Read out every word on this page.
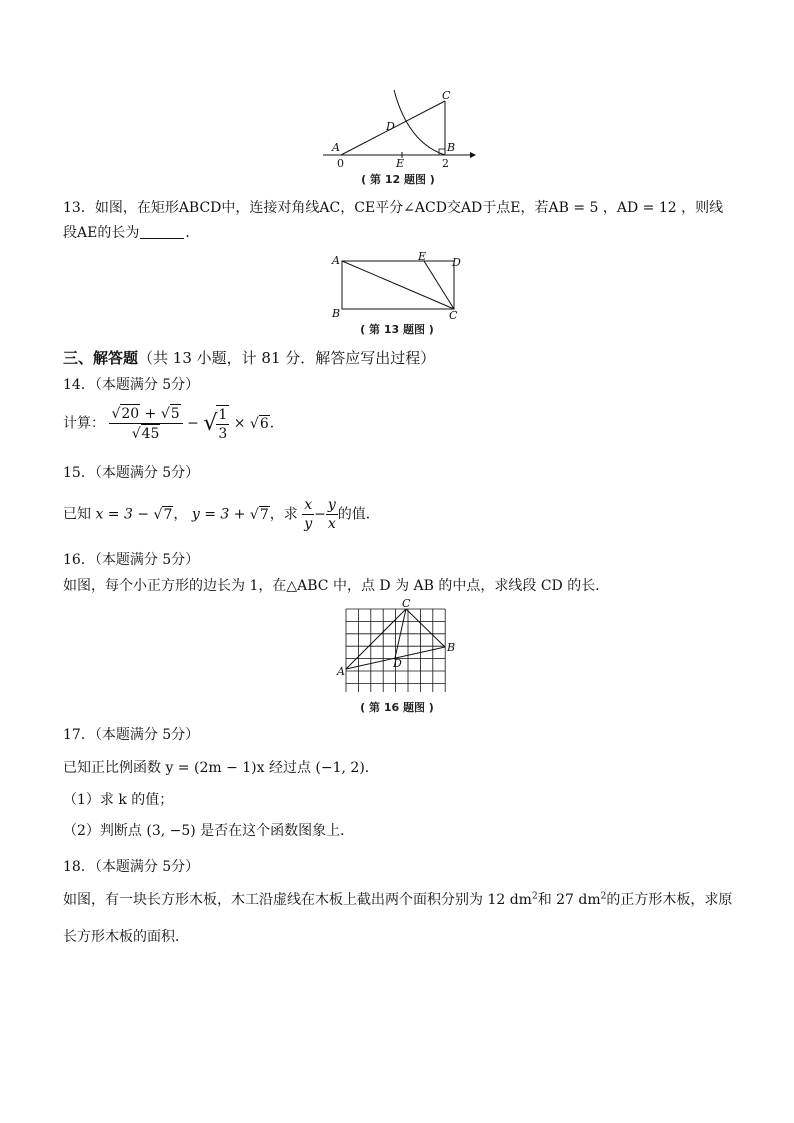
A
C
D
B
E
0	2
( 第 12 题图 )
13．如图，在矩形ABCD中，连接对角线AC，CE平分∠ACD交AD于点E，若AB = 5 ，AD = 12 ，则线
段AE的长为	．
A	E D
B	C
( 第 13 题图 )
三、解答题（共 13 小题，计 81 分．解答应写出过程）
14．（本题满分 5分）
计算： $\frac{√20 + √5}{√45}$ − √ $\frac{1}{3} \times √6$．
15．（本题满分 5分）
已知 x = 3 − √7， y = 3 + √7，求 $\frac{x}{y} - \frac{y}{x}$ 的值．
16．（本题满分 5分）
如图，每个小正方形的边长为 1，在△ABC 中，点 D 为 AB 的中点，求线段 CD 的长．
C
B
A
D
( 第 16 题图 )
17．（本题满分 5分）
已知正比例函数 y = (2m − 1)x 经过点 (−1, 2)．
（1）求 k 的值；
（2）判断点 (3, −5) 是否在这个函数图象上．
18．（本题满分 5分）
如图，有一块长方形木板，木工沿虚线在木板上截出两个面积分别为 12 $dm^2$和 27 $dm^2$的正方形木板，求原
长方形木板的面积．
